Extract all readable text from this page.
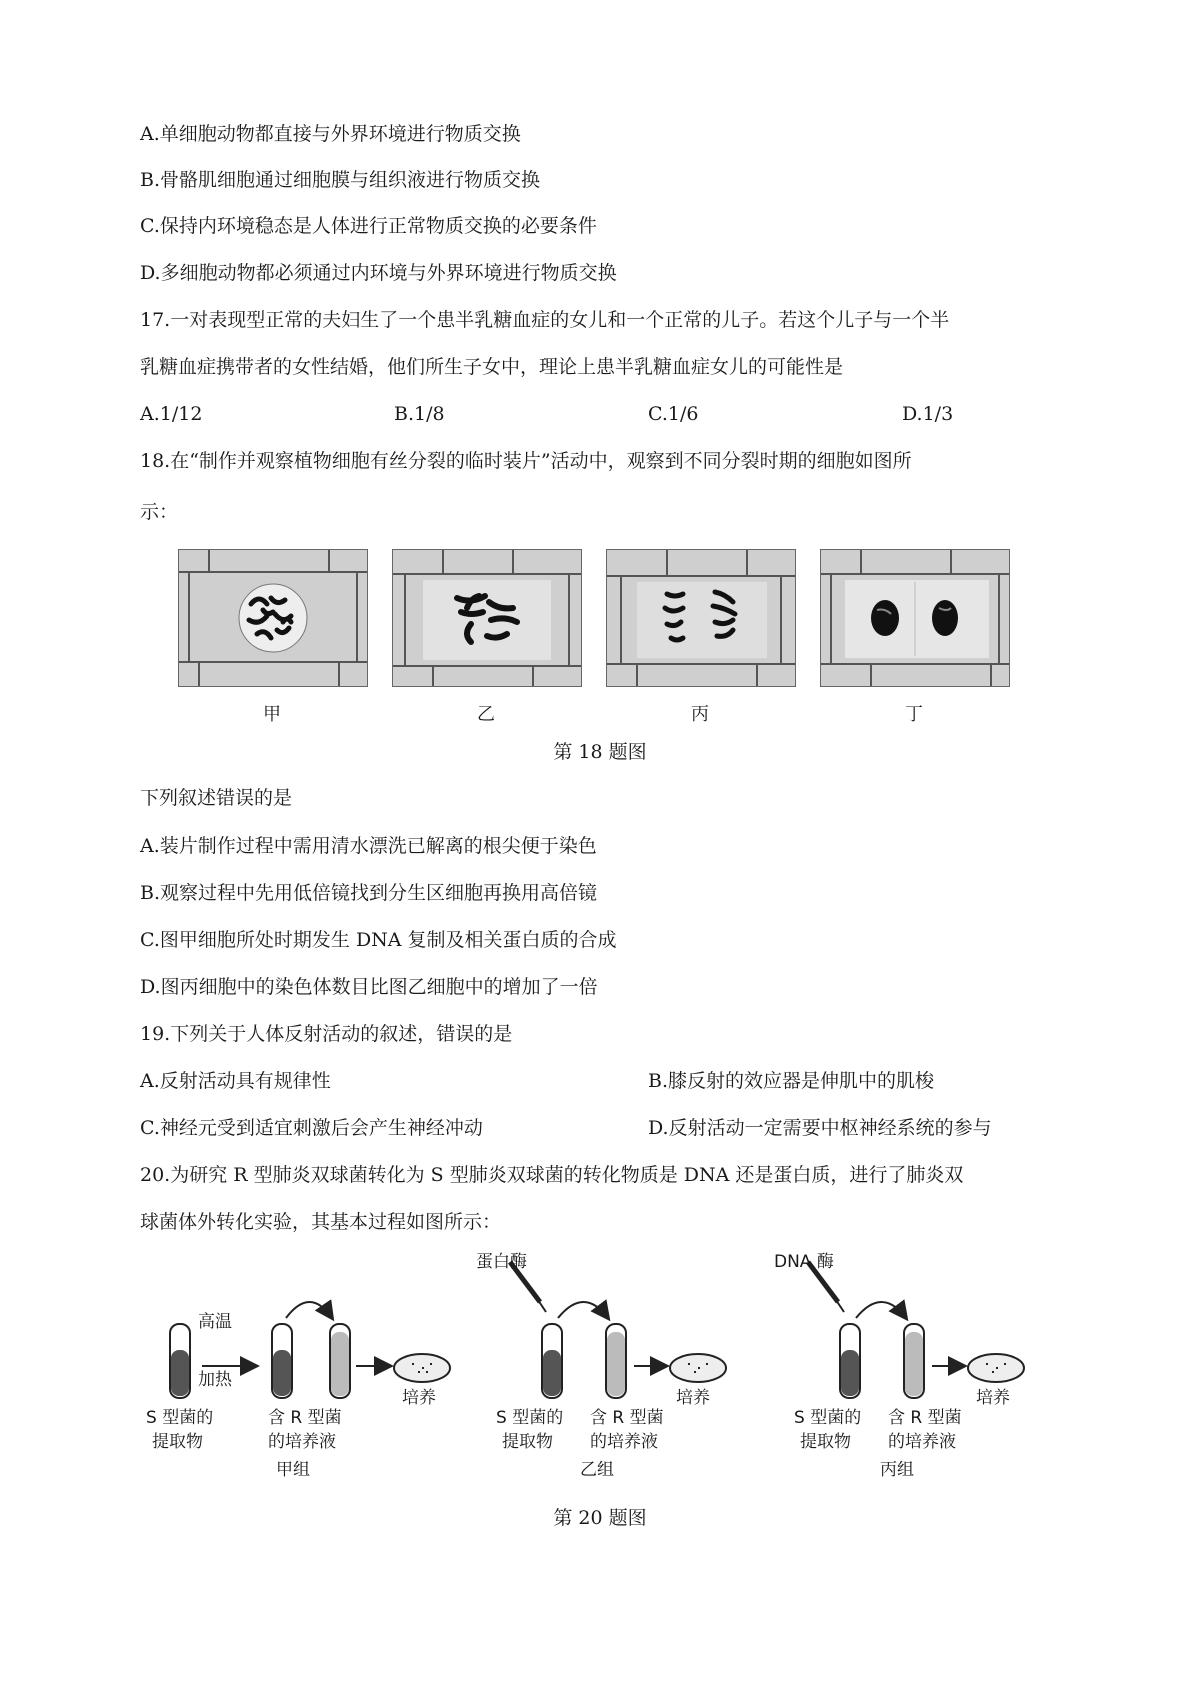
A.单细胞动物都直接与外界环境进行物质交换
B.骨骼肌细胞通过细胞膜与组织液进行物质交换
C.保持内环境稳态是人体进行正常物质交换的必要条件
D.多细胞动物都必须通过内环境与外界环境进行物质交换
17.一对表现型正常的夫妇生了一个患半乳糖血症的女儿和一个正常的儿子。若这个儿子与一个半
乳糖血症携带者的女性结婚，他们所生子女中，理论上患半乳糖血症女儿的可能性是
A.1/12	B.1/8	C.1/6	D.1/3
18.在“制作并观察植物细胞有丝分裂的临时装片”活动中，观察到不同分裂时期的细胞如图所
示：
甲	乙	丙	丁
第 18 题图
下列叙述错误的是
A.装片制作过程中需用清水漂洗已解离的根尖便于染色
B.观察过程中先用低倍镜找到分生区细胞再换用高倍镜
C.图甲细胞所处时期发生 DNA 复制及相关蛋白质的合成
D.图丙细胞中的染色体数目比图乙细胞中的增加了一倍
19.下列关于人体反射活动的叙述，错误的是
A.反射活动具有规律性	B.膝反射的效应器是伸肌中的肌梭
C.神经元受到适宜刺激后会产生神经冲动	D.反射活动一定需要中枢神经系统的参与
20.为研究 R 型肺炎双球菌转化为 S 型肺炎双球菌的转化物质是 DNA 还是蛋白质，进行了肺炎双
球菌体外转化实验，其基本过程如图所示：
高温
加热
S 型菌的
提取物
含 R 型菌
的培养液
培养
甲组
蛋白酶
S 型菌的
提取物
含 R 型菌
的培养液
培养
乙组
DNA 酶
S 型菌的
提取物
含 R 型菌
的培养液
培养
丙组
第 20 题图
